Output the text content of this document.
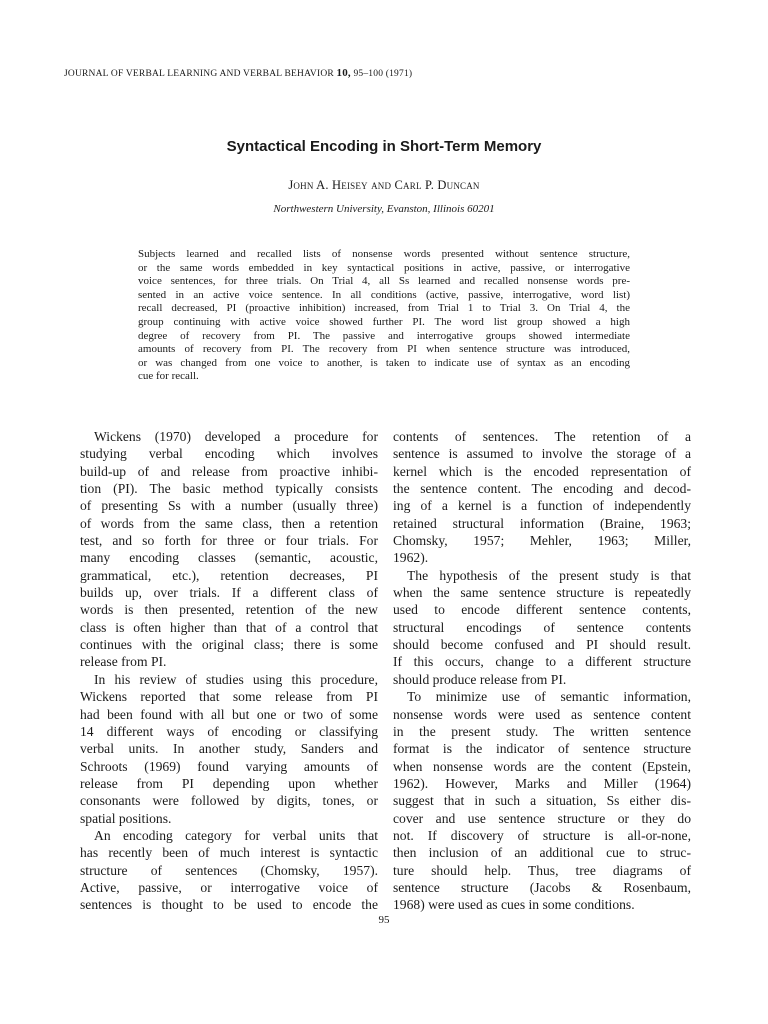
JOURNAL OF VERBAL LEARNING AND VERBAL BEHAVIOR 10, 95–100 (1971)
Syntactical Encoding in Short-Term Memory
John A. Heisey and Carl P. Duncan
Northwestern University, Evanston, Illinois 60201
Subjects learned and recalled lists of nonsense words presented without sentence structure,
or the same words embedded in key syntactical positions in active, passive, or interrogative
voice sentences, for three trials. On Trial 4, all Ss learned and recalled nonsense words pre-
sented in an active voice sentence. In all conditions (active, passive, interrogative, word list)
recall decreased, PI (proactive inhibition) increased, from Trial 1 to Trial 3. On Trial 4, the
group continuing with active voice showed further PI. The word list group showed a high
degree of recovery from PI. The passive and interrogative groups showed intermediate
amounts of recovery from PI. The recovery from PI when sentence structure was introduced,
or was changed from one voice to another, is taken to indicate use of syntax as an encoding
cue for recall.
Wickens (1970) developed a procedure for
studying verbal encoding which involves
build-up of and release from proactive inhibi-
tion (PI). The basic method typically consists
of presenting Ss with a number (usually three)
of words from the same class, then a retention
test, and so forth for three or four trials. For
many encoding classes (semantic, acoustic,
grammatical, etc.), retention decreases, PI
builds up, over trials. If a different class of
words is then presented, retention of the new
class is often higher than that of a control that
continues with the original class; there is some
release from PI.
In his review of studies using this procedure,
Wickens reported that some release from PI
had been found with all but one or two of some
14 different ways of encoding or classifying
verbal units. In another study, Sanders and
Schroots (1969) found varying amounts of
release from PI depending upon whether
consonants were followed by digits, tones, or
spatial positions.
An encoding category for verbal units that
has recently been of much interest is syntactic
structure of sentences (Chomsky, 1957).
Active, passive, or interrogative voice of
sentences is thought to be used to encode the
contents of sentences. The retention of a
sentence is assumed to involve the storage of a
kernel which is the encoded representation of
the sentence content. The encoding and decod-
ing of a kernel is a function of independently
retained structural information (Braine, 1963;
Chomsky, 1957; Mehler, 1963; Miller,
1962).
The hypothesis of the present study is that
when the same sentence structure is repeatedly
used to encode different sentence contents,
structural encodings of sentence contents
should become confused and PI should result.
If this occurs, change to a different structure
should produce release from PI.
To minimize use of semantic information,
nonsense words were used as sentence content
in the present study. The written sentence
format is the indicator of sentence structure
when nonsense words are the content (Epstein,
1962). However, Marks and Miller (1964)
suggest that in such a situation, Ss either dis-
cover and use sentence structure or they do
not. If discovery of structure is all-or-none,
then inclusion of an additional cue to struc-
ture should help. Thus, tree diagrams of
sentence structure (Jacobs & Rosenbaum,
1968) were used as cues in some conditions.
95
